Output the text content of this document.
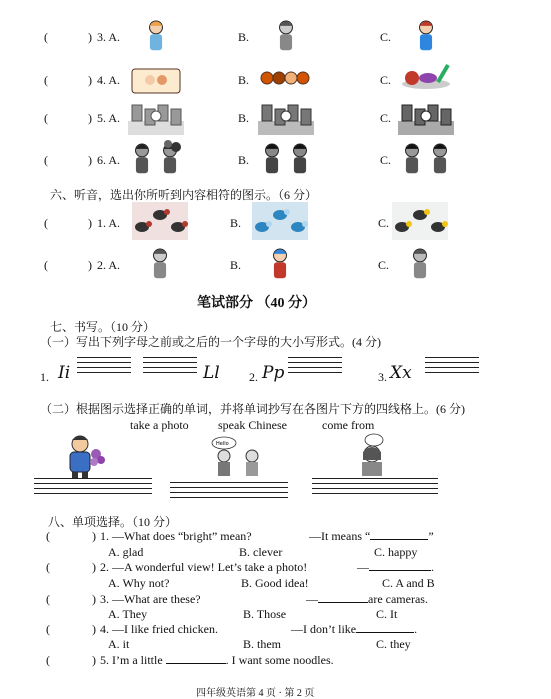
(	) 3. A.	B.	C.
(	) 4. A.	B.	C.
(	) 5. A.	B.	C.
(	) 6. A.	B.	C.
六、听音，选出你所听到内容相符的图示。（6 分）
(	) 1. A.	B.	C.
(	) 2. A.	B.	C.
笔试部分 （40 分）
七、书写。（10 分）
（一）写出下列字母之前或之后的一个字母的大小写形式。(4 分)
1. Ii	Ll 2. Pp	3. Xx
（二）根据图示选择正确的单词，并将单词抄写在各图片下方的四线格上。(6 分)
take a photo speak Chinese	come from
Hello
八、单项选择。（10 分）
(	) 1. —What does “bright” mean?	—It means “	”
A. glad	B. clever	C. happy
(	) 2. —A wonderful view! Let’s take a photo!	—	.
A. Why not?	B. Good idea!	C. A and B
(	) 3. —What are these?	—	are cameras.
A. They	B. Those	C. It
(	) 4. —I like fried chicken.	—I don’t like	.
A. it	B. them	C. they
(	) 5. I’m a little	. I want some noodles.
四年级英语第 4 页 · 第 2 页
